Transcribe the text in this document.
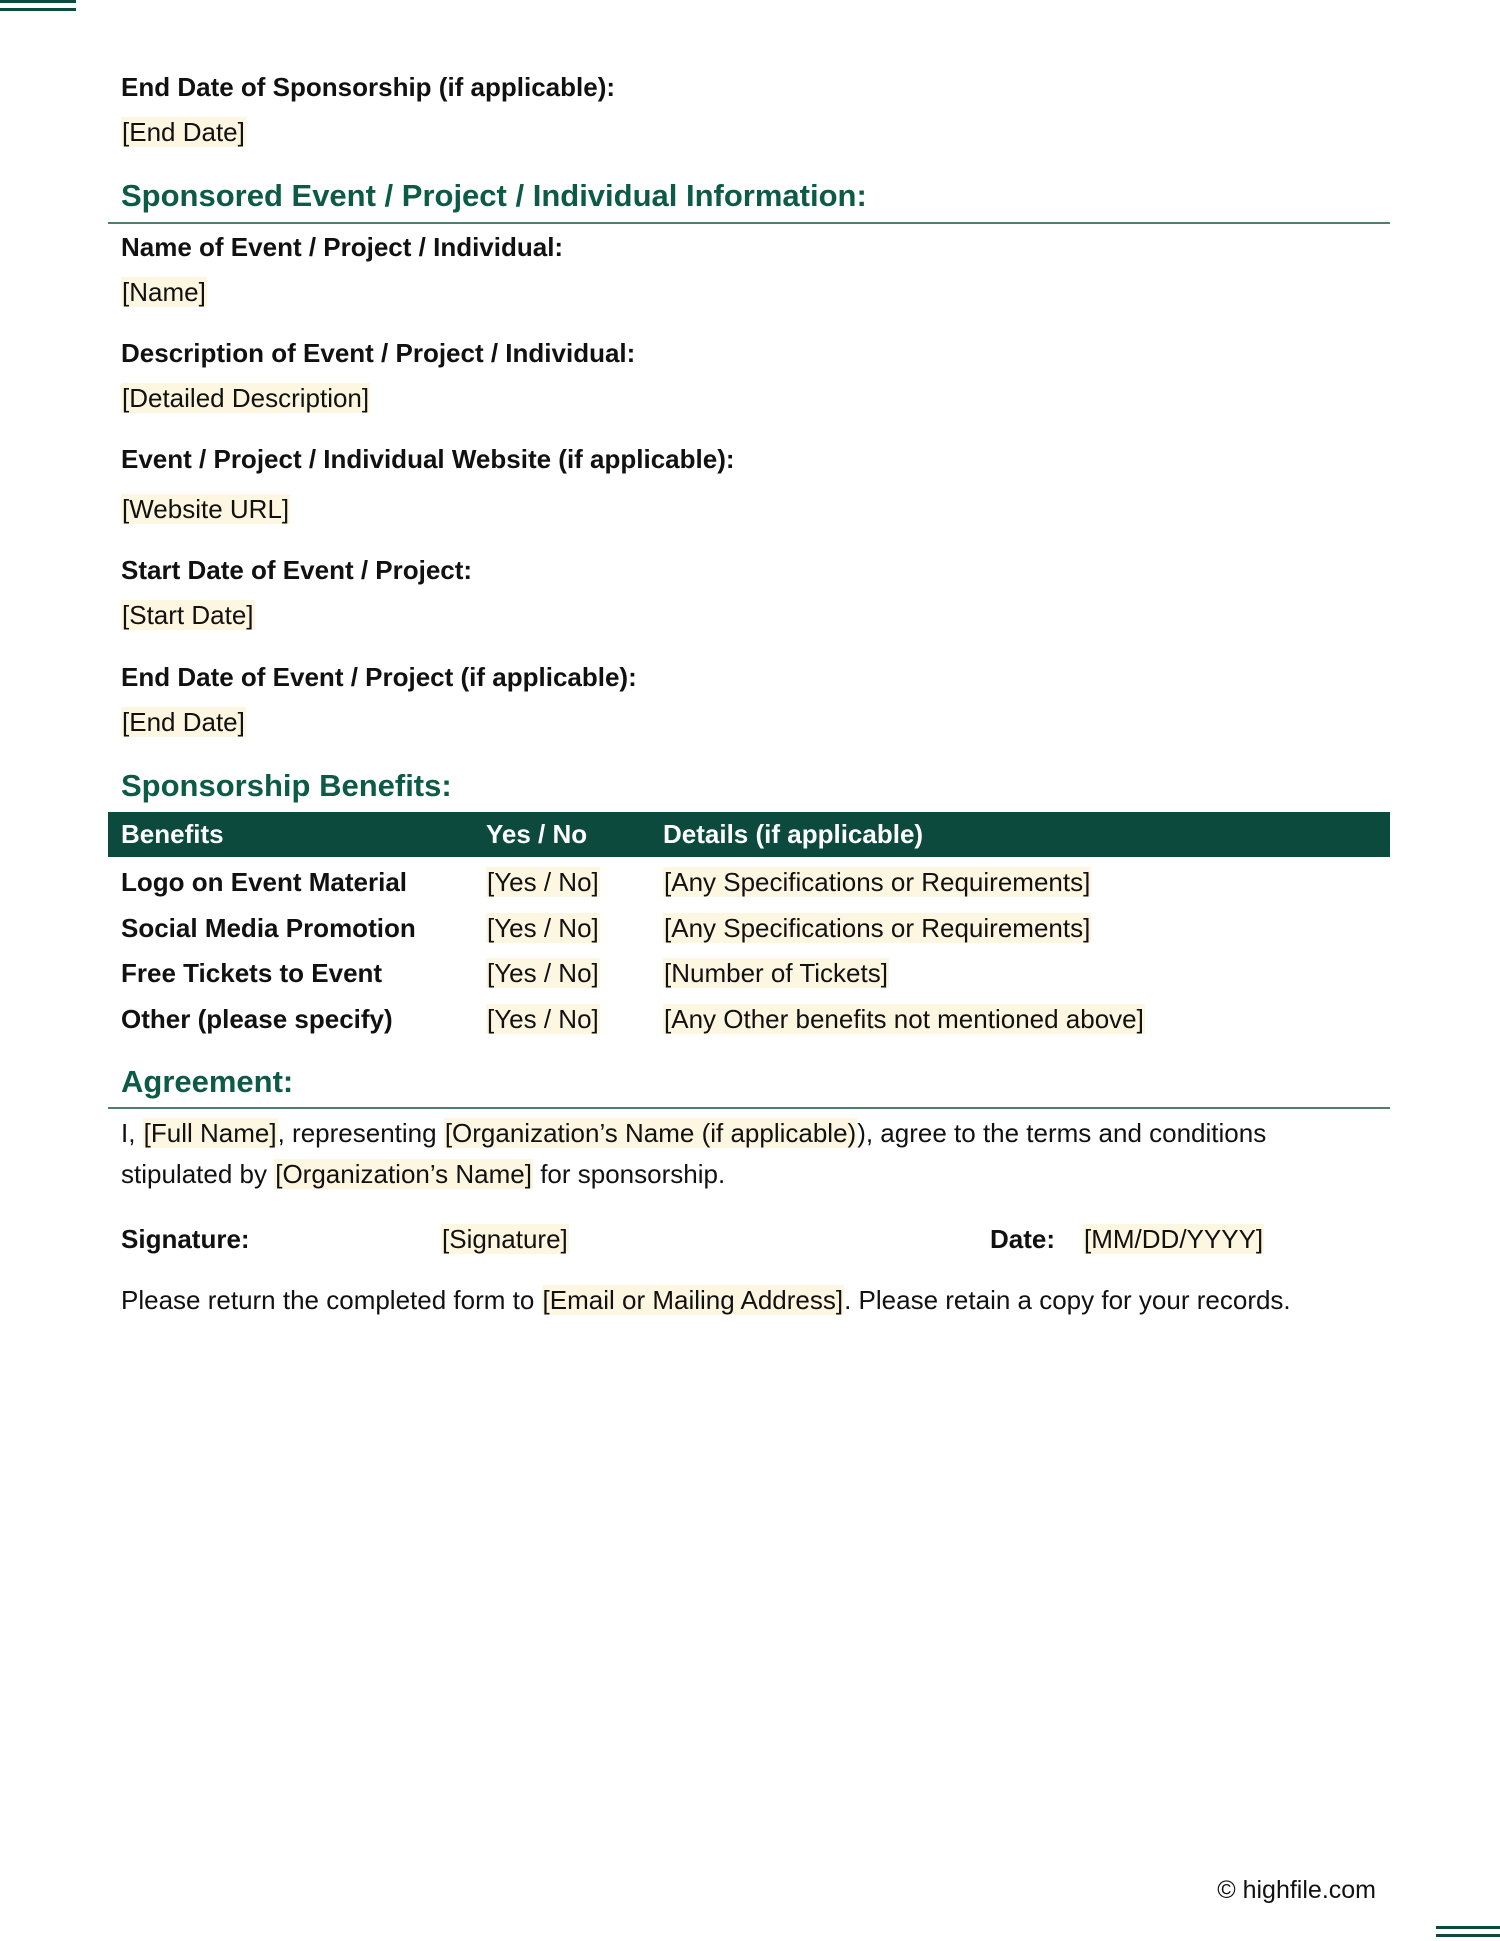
End Date of Sponsorship (if applicable):
[End Date]
Sponsored Event / Project / Individual Information:
Name of Event / Project / Individual:
[Name]
Description of Event / Project / Individual:
[Detailed Description]
Event / Project / Individual Website (if applicable):
[Website URL]
Start Date of Event / Project:
[Start Date]
End Date of Event / Project (if applicable):
[End Date]
Sponsorship Benefits:
Benefits	Yes / No	Details (if applicable)
Logo on Event Material	[Yes / No]	[Any Specifications or Requirements]
Social Media Promotion	[Yes / No]	[Any Specifications or Requirements]
Free Tickets to Event	[Yes / No]	[Number of Tickets]
Other (please specify)	[Yes / No]	[Any Other benefits not mentioned above]
Agreement:
I, [Full Name], representing [Organization’s Name (if applicable)), agree to the terms and conditions stipulated by [Organization’s Name] for sponsorship.
Signature:	[Signature]	Date: [MM/DD/YYYY]
Please return the completed form to [Email or Mailing Address]. Please retain a copy for your records.
© highfile.com
